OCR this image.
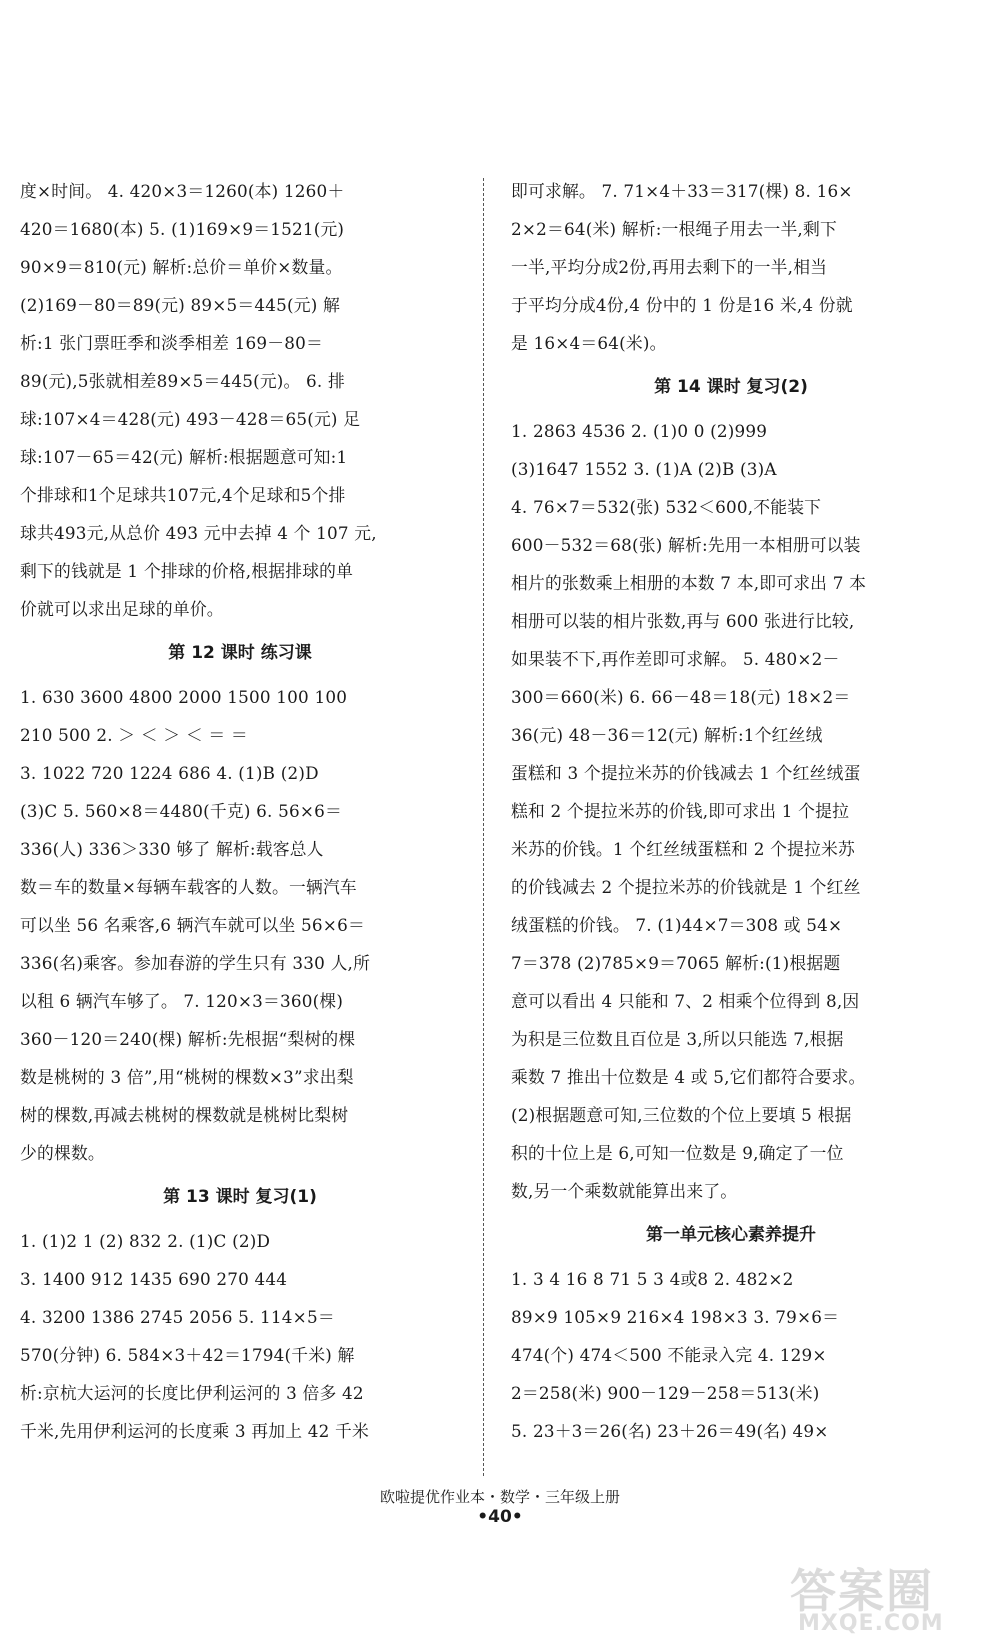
度×时间。 4. 420×3＝1260(本) 1260＋
420＝1680(本) 5. (1)169×9＝1521(元)
90×9＝810(元) 解析:总价＝单价×数量。
(2)169－80＝89(元) 89×5＝445(元) 解
析:1 张门票旺季和淡季相差 169－80＝
89(元),5张就相差89×5＝445(元)。 6. 排
球:107×4＝428(元) 493－428＝65(元) 足
球:107－65＝42(元) 解析:根据题意可知:1
个排球和1个足球共107元,4个足球和5个排
球共493元,从总价 493 元中去掉 4 个 107 元,
剩下的钱就是 1 个排球的价格,根据排球的单
价就可以求出足球的单价。
第 12 课时 练习课
1. 630 3600 4800 2000 1500 100 100
210 500 2. ＞ ＜ ＞ ＜ ＝ ＝
3. 1022 720 1224 686 4. (1)B (2)D
(3)C 5. 560×8＝4480(千克) 6. 56×6＝
336(人) 336＞330 够了 解析:载客总人
数＝车的数量×每辆车载客的人数。一辆汽车
可以坐 56 名乘客,6 辆汽车就可以坐 56×6＝
336(名)乘客。参加春游的学生只有 330 人,所
以租 6 辆汽车够了。 7. 120×3＝360(棵)
360－120＝240(棵) 解析:先根据“梨树的棵
数是桃树的 3 倍”,用“桃树的棵数×3”求出梨
树的棵数,再减去桃树的棵数就是桃树比梨树
少的棵数。
第 13 课时 复习(1)
1. (1)2 1 (2) 832 2. (1)C (2)D
3. 1400 912 1435 690 270 444
4. 3200 1386 2745 2056 5. 114×5＝
570(分钟) 6. 584×3＋42＝1794(千米) 解
析:京杭大运河的长度比伊利运河的 3 倍多 42
千米,先用伊利运河的长度乘 3 再加上 42 千米
即可求解。 7. 71×4＋33＝317(棵) 8. 16×
2×2＝64(米) 解析:一根绳子用去一半,剩下
一半,平均分成2份,再用去剩下的一半,相当
于平均分成4份,4 份中的 1 份是16 米,4 份就
是 16×4＝64(米)。
第 14 课时 复习(2)
1. 2863 4536 2. (1)0 0 (2)999
(3)1647 1552 3. (1)A (2)B (3)A
4. 76×7＝532(张) 532＜600,不能装下
600－532＝68(张) 解析:先用一本相册可以装
相片的张数乘上相册的本数 7 本,即可求出 7 本
相册可以装的相片张数,再与 600 张进行比较,
如果装不下,再作差即可求解。 5. 480×2－
300＝660(米) 6. 66－48＝18(元) 18×2＝
36(元) 48－36＝12(元) 解析:1个红丝绒
蛋糕和 3 个提拉米苏的价钱减去 1 个红丝绒蛋
糕和 2 个提拉米苏的价钱,即可求出 1 个提拉
米苏的价钱。1 个红丝绒蛋糕和 2 个提拉米苏
的价钱减去 2 个提拉米苏的价钱就是 1 个红丝
绒蛋糕的价钱。 7. (1)44×7＝308 或 54×
7＝378 (2)785×9＝7065 解析:(1)根据题
意可以看出 4 只能和 7、2 相乘个位得到 8,因
为积是三位数且百位是 3,所以只能选 7,根据
乘数 7 推出十位数是 4 或 5,它们都符合要求。
(2)根据题意可知,三位数的个位上要填 5 根据
积的十位上是 6,可知一位数是 9,确定了一位
数,另一个乘数就能算出来了。
第一单元核心素养提升
1. 3 4 16 8 71 5 3 4或8 2. 482×2
89×9 105×9 216×4 198×3 3. 79×6＝
474(个) 474＜500 不能录入完 4. 129×
2＝258(米) 900－129－258＝513(米)
5. 23＋3＝26(名) 23＋26＝49(名) 49×
欧啦提优作业本・数学・三年级上册
•40•
答案圈
MXQE.COM
